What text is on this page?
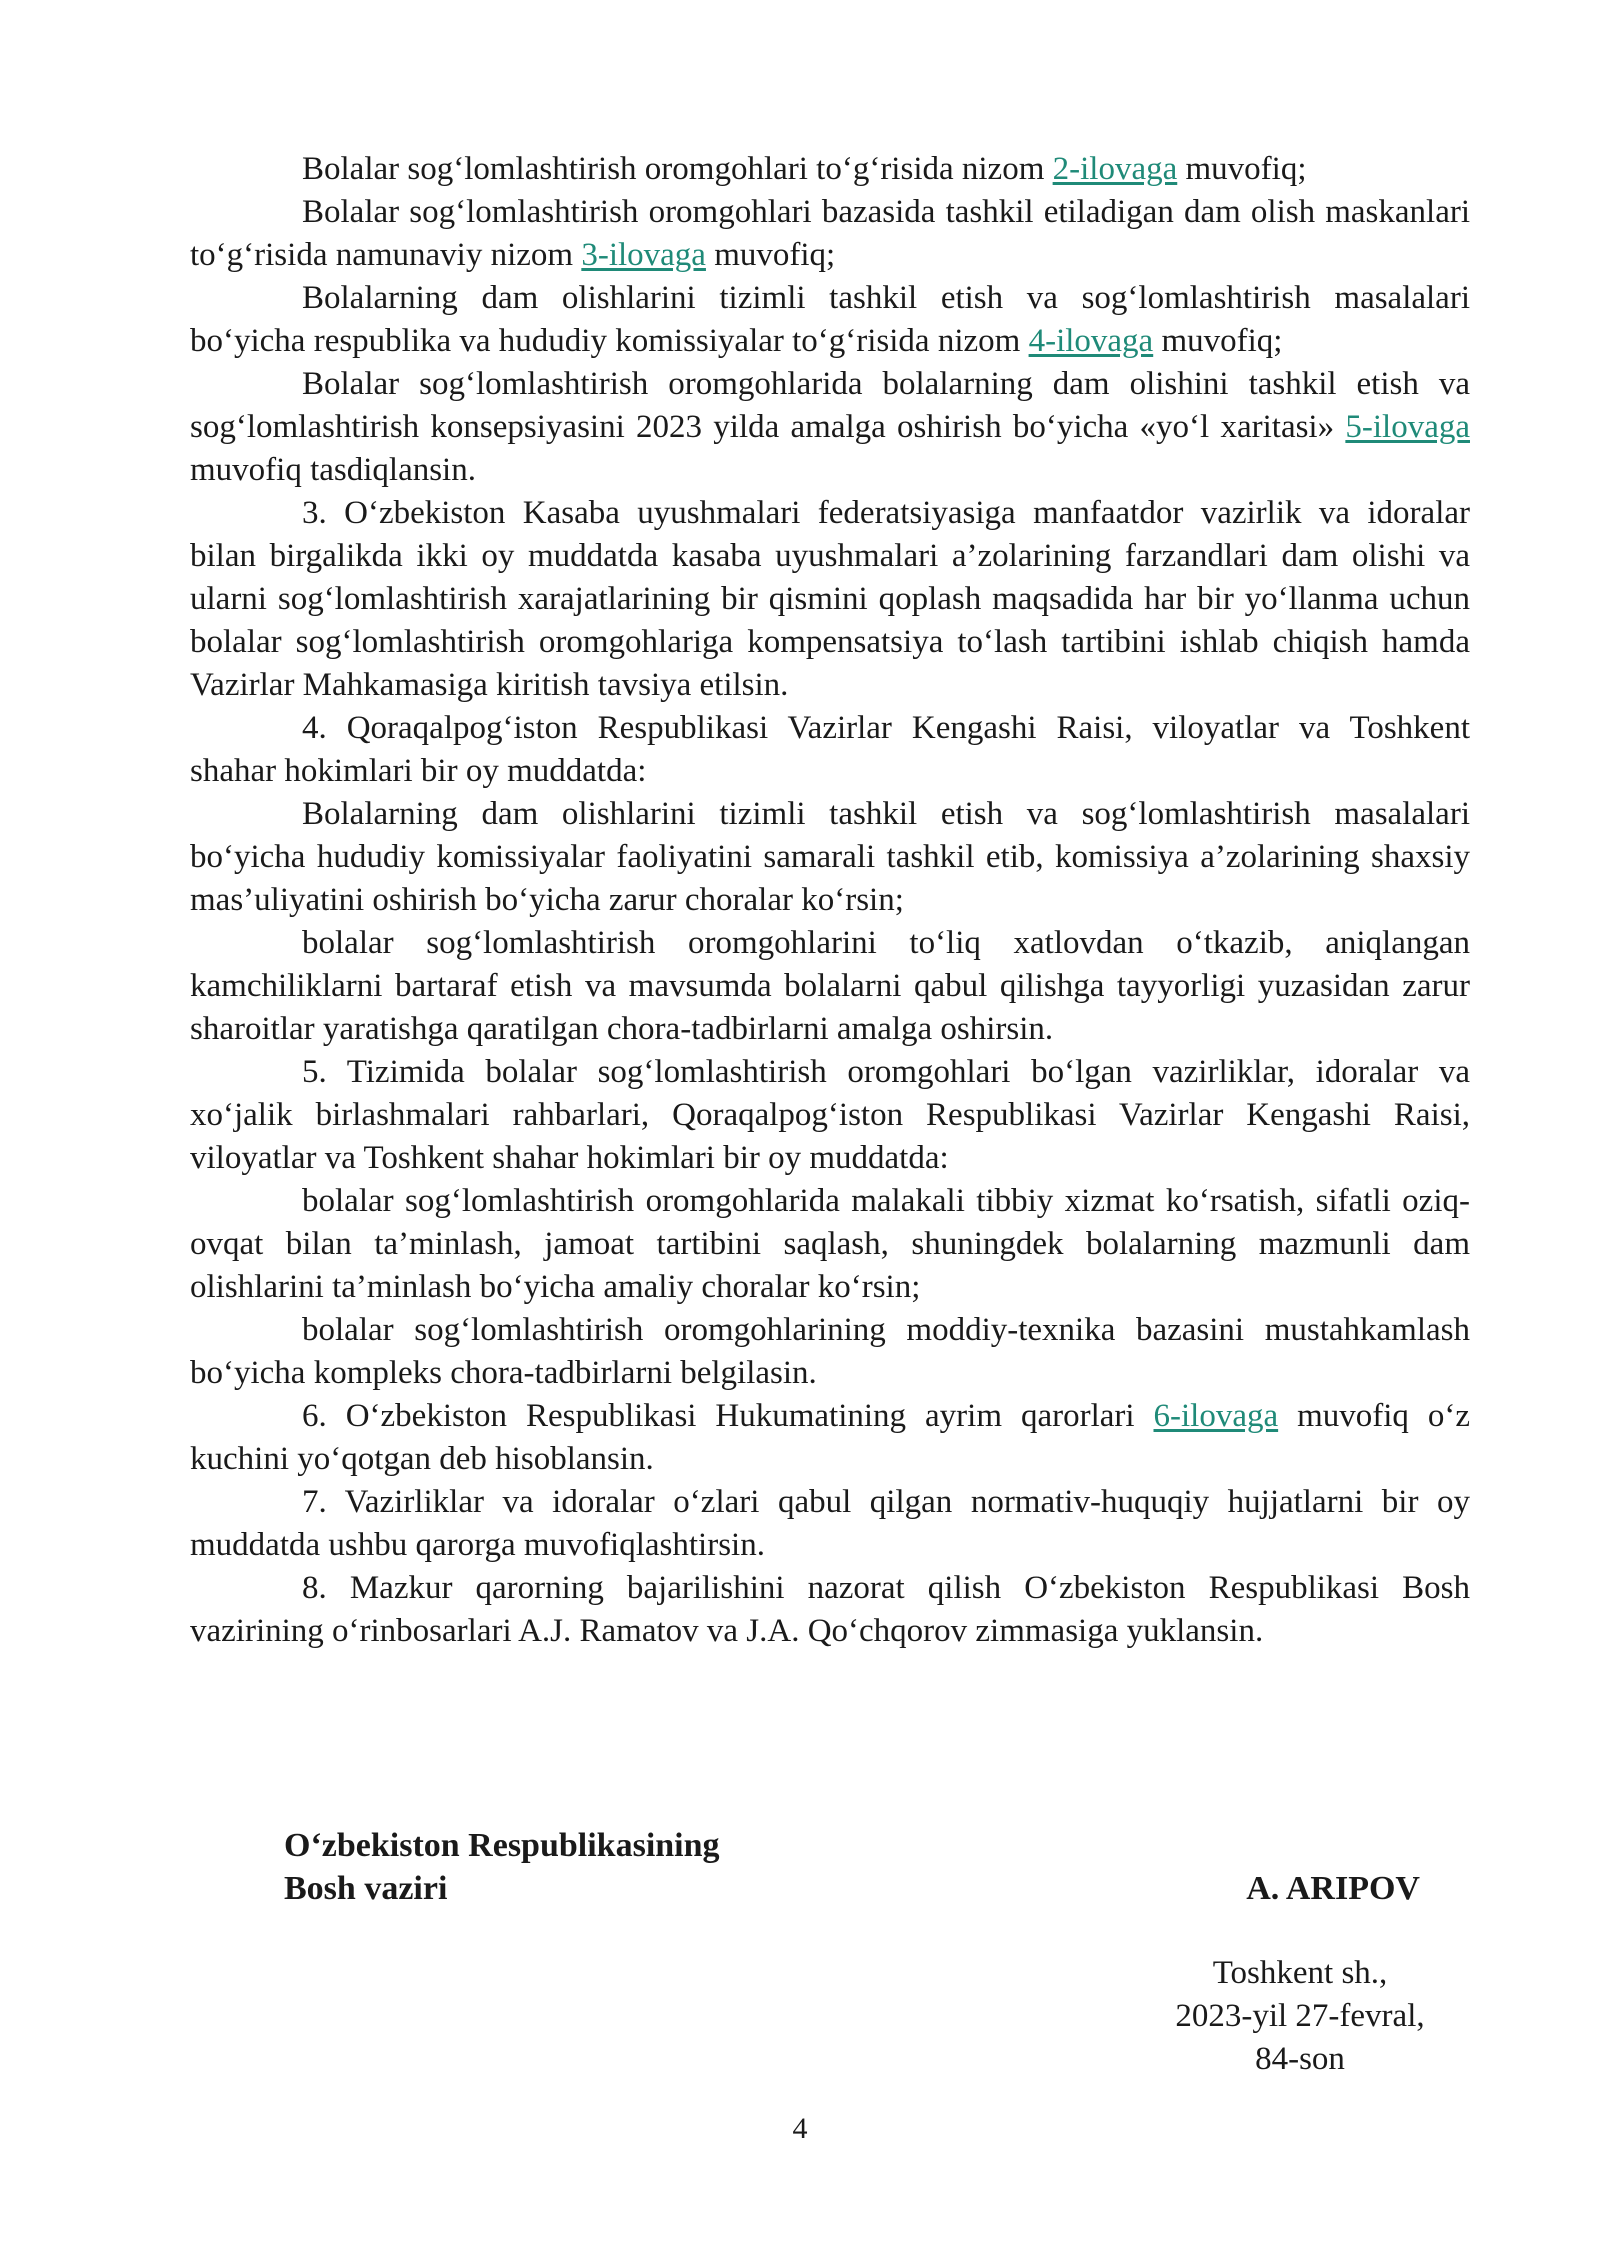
Bolalar sog‘lomlashtirish oromgohlari to‘g‘risida nizom 2-ilovaga muvofiq;

Bolalar sog‘lomlashtirish oromgohlari bazasida tashkil etiladigan dam olish maskanlari to‘g‘risida namunaviy nizom 3-ilovaga muvofiq;

Bolalarning dam olishlarini tizimli tashkil etish va sog‘lomlashtirish masalalari bo‘yicha respublika va hududiy komissiyalar to‘g‘risida nizom 4-ilovaga muvofiq;

Bolalar sog‘lomlashtirish oromgohlarida bolalarning dam olishini tashkil etish va sog‘lomlashtirish konsepsiyasini 2023 yilda amalga oshirish bo‘yicha «yo‘l xaritasi» 5-ilovaga muvofiq tasdiqlansin.

3. O‘zbekiston Kasaba uyushmalari federatsiyasiga manfaatdor vazirlik va idoralar bilan birgalikda ikki oy muddatda kasaba uyushmalari a’zolarining farzandlari dam olishi va ularni sog‘lomlashtirish xarajatlarining bir qismini qoplash maqsadida har bir yo‘llanma uchun bolalar sog‘lomlashtirish oromgohlariga kompensatsiya to‘lash tartibini ishlab chiqish hamda Vazirlar Mahkamasiga kiritish tavsiya etilsin.

4. Qoraqalpog‘iston Respublikasi Vazirlar Kengashi Raisi, viloyatlar va Toshkent shahar hokimlari bir oy muddatda:

Bolalarning dam olishlarini tizimli tashkil etish va sog‘lomlashtirish masalalari bo‘yicha hududiy komissiyalar faoliyatini samarali tashkil etib, komissiya a’zolarining shaxsiy mas’uliyatini oshirish bo‘yicha zarur choralar ko‘rsin;

bolalar sog‘lomlashtirish oromgohlarini to‘liq xatlovdan o‘tkazib, aniqlangan kamchiliklarni bartaraf etish va mavsumda bolalarni qabul qilishga tayyorligi yuzasidan zarur sharoitlar yaratishga qaratilgan chora-tadbirlarni amalga oshirsin.

5. Tizimida bolalar sog‘lomlashtirish oromgohlari bo‘lgan vazirliklar, idoralar va xo‘jalik birlashmalari rahbarlari, Qoraqalpog‘iston Respublikasi Vazirlar Kengashi Raisi, viloyatlar va Toshkent shahar hokimlari bir oy muddatda:

bolalar sog‘lomlashtirish oromgohlarida malakali tibbiy xizmat ko‘rsatish, sifatli oziq-ovqat bilan ta’minlash, jamoat tartibini saqlash, shuningdek bolalarning mazmunli dam olishlarini ta’minlash bo‘yicha amaliy choralar ko‘rsin;

bolalar sog‘lomlashtirish oromgohlarining moddiy-texnika bazasini mustahkamlash bo‘yicha kompleks chora-tadbirlarni belgilasin.

6. O‘zbekiston Respublikasi Hukumatining ayrim qarorlari 6-ilovaga muvofiq o‘z kuchini yo‘qotgan deb hisoblansin.

7. Vazirliklar va idoralar o‘zlari qabul qilgan normativ-huquqiy hujjatlarni bir oy muddatda ushbu qarorga muvofiqlashtirsin.

8. Mazkur qarorning bajarilishini nazorat qilish O‘zbekiston Respublikasi Bosh vazirining o‘rinbosarlari A.J. Ramatov va J.A. Qo‘chqorov zimmasiga yuklansin.

O‘zbekiston Respublikasining
Bosh vaziri	A. ARIPOV
Toshkent sh.,
2023-yil 27-fevral,
84-son
4
